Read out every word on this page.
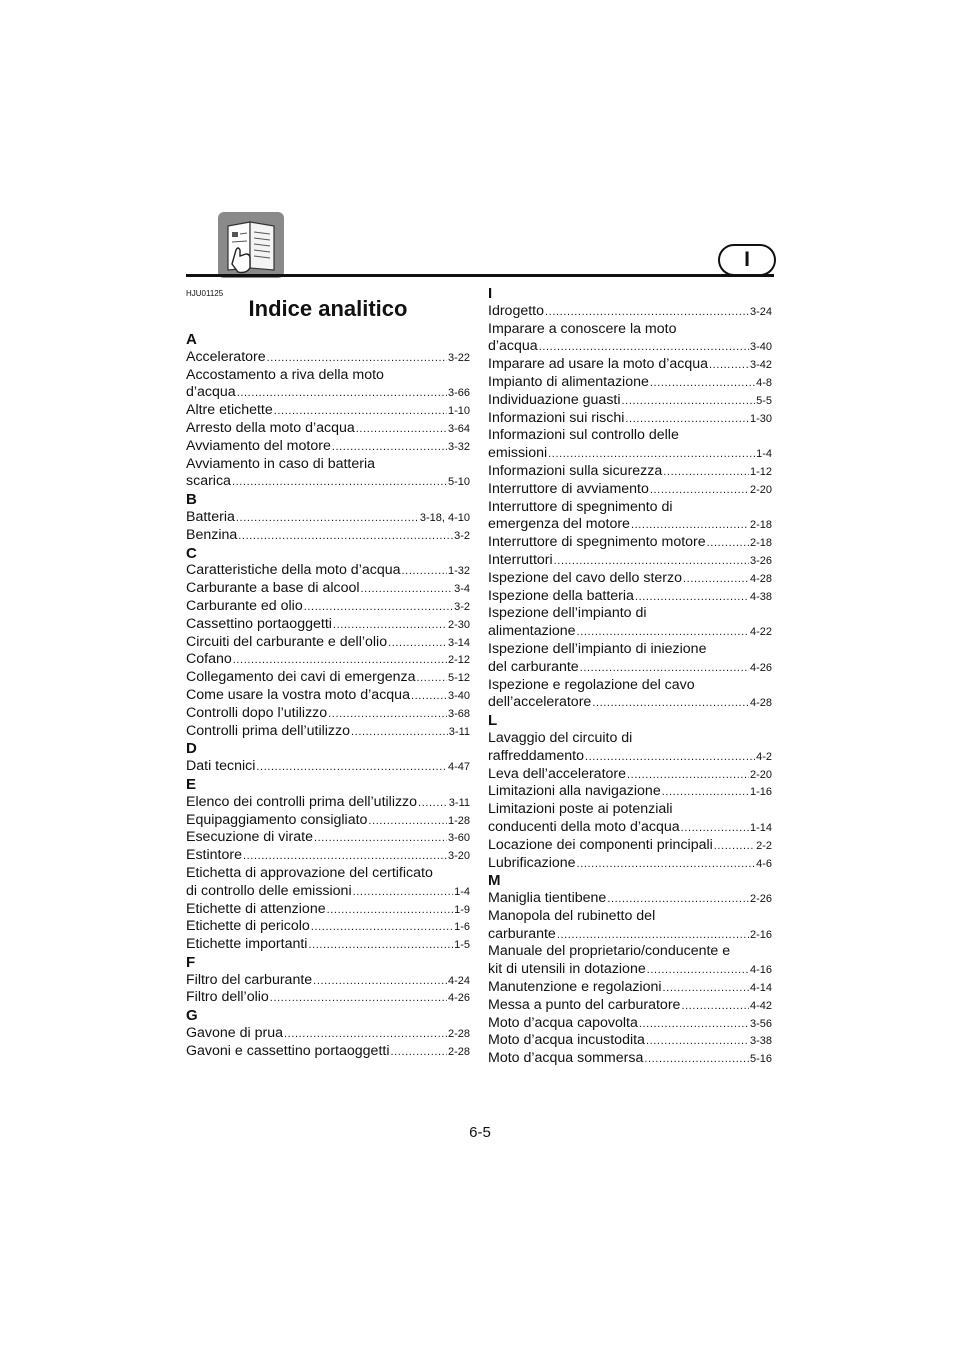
I
HJU01125
Indice analitico
A
Acceleratore .....	3-22
Accostamento a riva della moto
d’acqua .....	3-66
Altre etichette .....	1-10
Arresto della moto d’acqua .....	3-64
Avviamento del motore .....	3-32
Avviamento in caso di batteria
scarica .....	5-10
B
Batteria .....	3-18, 4-10
Benzina .....	3-2
C
Caratteristiche della moto d’acqua .....	1-32
Carburante a base di alcool .....	3-4
Carburante ed olio .....	3-2
Cassettino portaoggetti .....	2-30
Circuiti del carburante e dell’olio .....	3-14
Cofano .....	2-12
Collegamento dei cavi di emergenza .....	5-12
Come usare la vostra moto d’acqua .....	3-40
Controlli dopo l’utilizzo .....	3-68
Controlli prima dell’utilizzo .....	3-11
D
Dati tecnici .....	4-47
E
Elenco dei controlli prima dell’utilizzo .....	3-11
Equipaggiamento consigliato .....	1-28
Esecuzione di virate .....	3-60
Estintore .....	3-20
Etichetta di approvazione del certificato
di controllo delle emissioni .....	1-4
Etichette di attenzione .....	1-9
Etichette di pericolo .....	1-6
Etichette importanti .....	1-5
F
Filtro del carburante .....	4-24
Filtro dell’olio .....	4-26
G
Gavone di prua .....	2-28
Gavoni e cassettino portaoggetti .....	2-28
I
Idrogetto .....	3-24
Imparare a conoscere la moto
d’acqua .....	3-40
Imparare ad usare la moto d’acqua .....	3-42
Impianto di alimentazione .....	4-8
Individuazione guasti .....	5-5
Informazioni sui rischi .....	1-30
Informazioni sul controllo delle
emissioni .....	1-4
Informazioni sulla sicurezza .....	1-12
Interruttore di avviamento .....	2-20
Interruttore di spegnimento di
emergenza del motore .....	2-18
Interruttore di spegnimento motore .....	2-18
Interruttori .....	3-26
Ispezione del cavo dello sterzo .....	4-28
Ispezione della batteria .....	4-38
Ispezione dell’impianto di
alimentazione .....	4-22
Ispezione dell’impianto di iniezione
del carburante .....	4-26
Ispezione e regolazione del cavo
dell’acceleratore .....	4-28
L
Lavaggio del circuito di
raffreddamento .....	4-2
Leva dell’acceleratore .....	2-20
Limitazioni alla navigazione .....	1-16
Limitazioni poste ai potenziali
conducenti della moto d’acqua .....	1-14
Locazione dei componenti principali .....	2-2
Lubrificazione .....	4-6
M
Maniglia tientibene .....	2-26
Manopola del rubinetto del
carburante .....	2-16
Manuale del proprietario/conducente e
kit di utensili in dotazione .....	4-16
Manutenzione e regolazioni .....	4-14
Messa a punto del carburatore .....	4-42
Moto d’acqua capovolta .....	3-56
Moto d’acqua incustodita .....	3-38
Moto d’acqua sommersa .....	5-16
6-5
